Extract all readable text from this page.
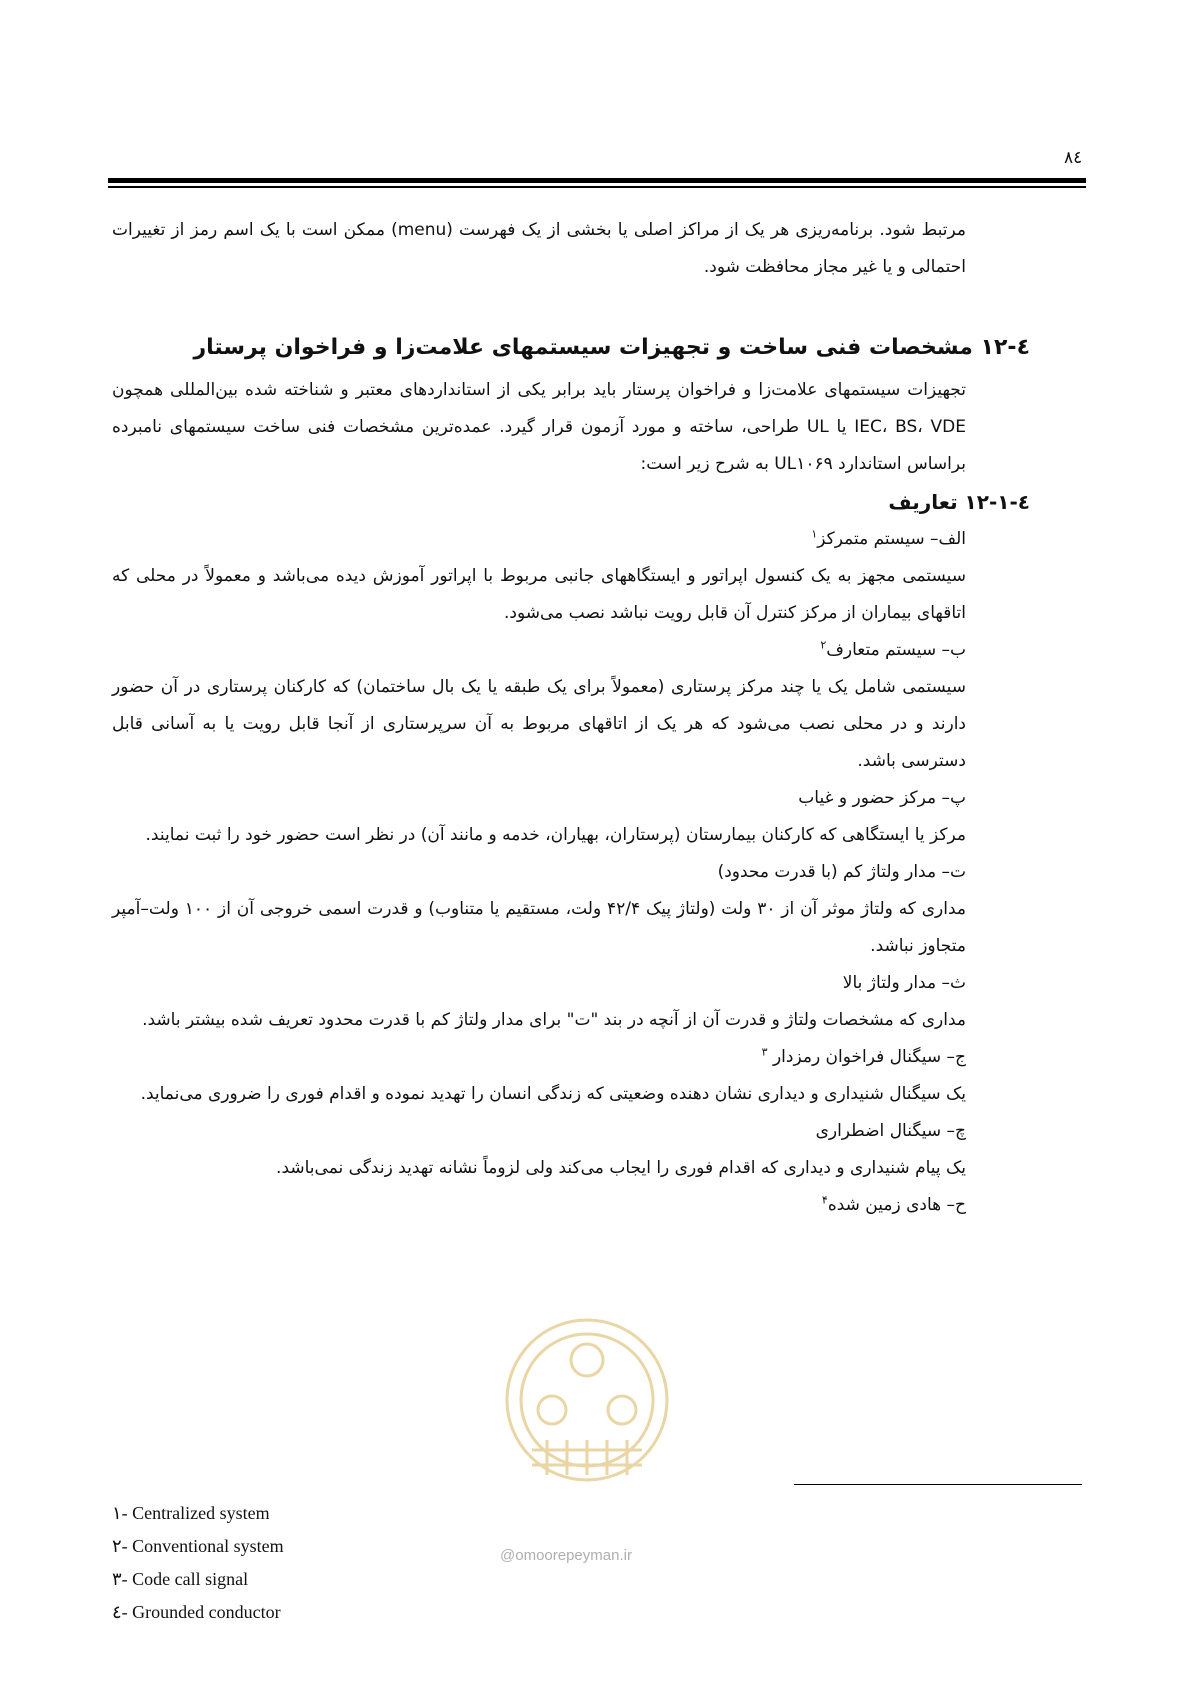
۸٤

مرتبط شود. برنامه‌ریزی هر یک از مراکز اصلی یا بخشی از یک فهرست (menu) ممکن است با یک اسم رمز از تغییرات احتمالی و یا غیر مجاز محافظت شود.

٤-۱۲ مشخصات فنی ساخت و تجهیزات سیستمهای علامت‌زا و فراخوان پرستار

تجهیزات سیستمهای علامت‌زا و فراخوان پرستار باید برابر یکی از استانداردهای معتبر و شناخته شده بین‌المللی همچون IEC، BS، VDE یا UL طراحی، ساخته و مورد آزمون قرار گیرد. عمده‌ترین مشخصات فنی ساخت سیستمهای نامبرده براساس استاندارد UL۱۰۶۹ به شرح زیر است:

٤-۱۲-۱ تعاریف

الف– سیستم متمرکز$^۱$

سیستمی مجهز به یک کنسول اپراتور و ایستگاههای جانبی مربوط با اپراتور آموزش دیده می‌باشد و معمولاً در محلی که اتاقهای بیماران از مرکز کنترل آن قابل رویت نباشد نصب می‌شود.

ب– سیستم متعارف$^۲$

سیستمی شامل یک یا چند مرکز پرستاری (معمولاً برای یک طبقه یا یک بال ساختمان) که کارکنان پرستاری در آن حضور دارند و در محلی نصب می‌شود که هر یک از اتاقهای مربوط به آن سرپرستاری از آنجا قابل رویت یا به آسانی قابل دسترسی باشد.

پ– مرکز حضور و غیاب

مرکز یا ایستگاهی که کارکنان بیمارستان (پرستاران، بهیاران، خدمه و مانند آن) در نظر است حضور خود را ثبت نمایند.

ت– مدار ولتاژ کم (با قدرت محدود)

مداری که ولتاژ موثر آن از ۳۰ ولت (ولتاژ پیک ۴۲/۴ ولت، مستقیم یا متناوب) و قدرت اسمی خروجی آن از ۱۰۰ ولت–آمپر متجاوز نباشد.

ث– مدار ولتاژ بالا

مداری که مشخصات ولتاژ و قدرت آن از آنچه در بند "ت" برای مدار ولتاژ کم با قدرت محدود تعریف شده بیشتر باشد.

ج– سیگنال فراخوان رمزدار $^۳$

یک سیگنال شنیداری و دیداری نشان دهنده وضعیتی که زندگی انسان را تهدید نموده و اقدام فوری را ضروری می‌نماید.

چ– سیگنال اضطراری

یک پیام شنیداری و دیداری که اقدام فوری را ایجاب می‌کند ولی لزوماً نشانه تهدید زندگی نمی‌باشد.

ح– هادی زمین شده$^۴$

١- Centralized system
٢- Conventional system
٣- Code call signal
٤- Grounded conductor
@omoorepeyman.ir
